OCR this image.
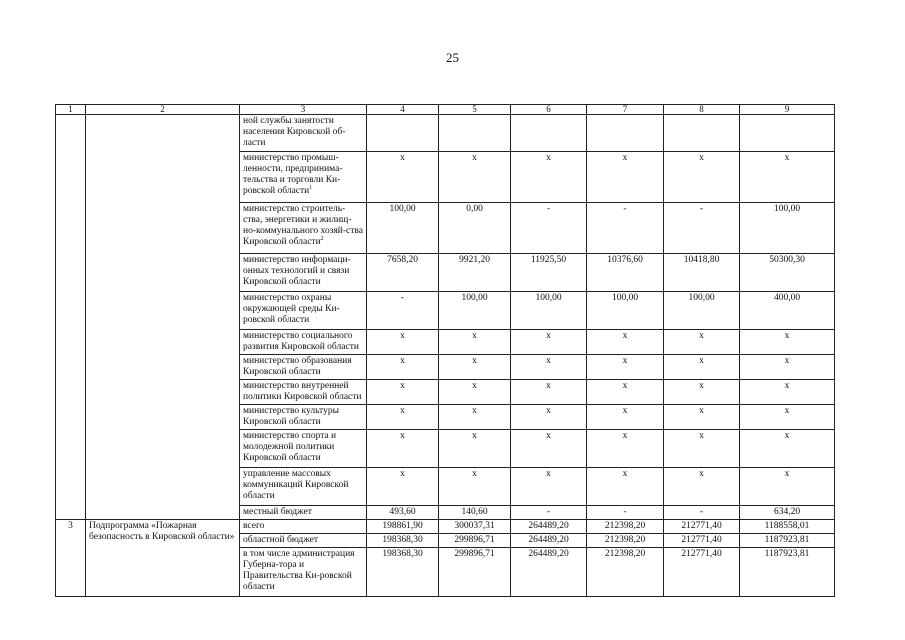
25
1	2	3	4	5	6	7	8	9
		ной службы занятости населения Кировской об-ласти						
		министерство промыш-ленности, предпринима-тельства и торговли Ки-ровской области$^1$	х	х	х	х	х	х
		министерство строитель-ства, энергетики и жилищ-но-коммунального хозяй-ства Кировской области$^2$	100,00	0,00	-	-	-	100,00
		министерство информаци-онных технологий и связи Кировской области	7658,20	9921,20	11925,50	10376,60	10418,80	50300,30
		министерство охраны окружающей среды Ки-ровской области	-	100,00	100,00	100,00	100,00	400,00
		министерство социального развития Кировской области	х	х	х	х	х	х
		министерство образования Кировской области	х	х	х	х	х	х
		министерство внутренней политики Кировской области	х	х	х	х	х	х
		министерство культуры Кировской области	х	х	х	х	х	х
		министерство спорта и молодежной политики Кировской области	х	х	х	х	х	х
		управление массовых коммуникаций Кировской области	х	х	х	х	х	х
		местный бюджет	493,60	140,60	-	-	-	634,20
3	Подпрограмма «Пожарная безопасность в Кировской области»	всего	198861,90	300037,31	264489,20	212398,20	212771,40	1188558,01
		областной бюджет	198368,30	299896,71	264489,20	212398,20	212771,40	1187923,81
		в том числе администрация Губерна-тора и Правительства Ки-ровской области	198368,30	299896,71	264489,20	212398,20	212771,40	1187923,81
